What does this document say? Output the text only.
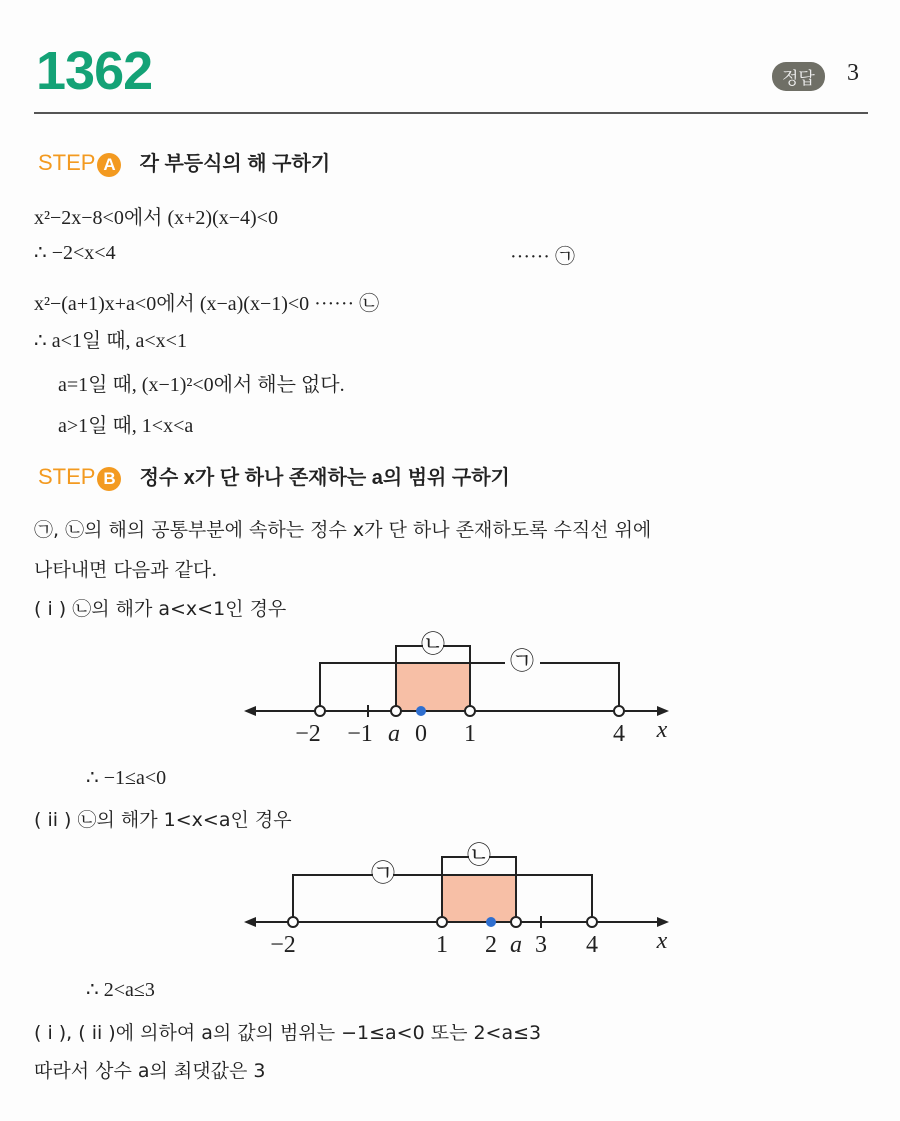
1362	정답	3
STEP A 각 부등식의 해 구하기
x²−2x−8<0에서 (x+2)(x−4)<0
∴ −2<x<4	······ ㉠
x²−(a+1)x+a<0에서 (x−a)(x−1)<0 ······ ㉡
∴ a<1일 때, a<x<1
a=1일 때, (x−1)²<0에서 해는 없다.
a>1일 때, 1<x<a
STEP B 정수 x가 단 하나 존재하는 a의 범위 구하기
㉠, ㉡의 해의 공통부분에 속하는 정수 x가 단 하나 존재하도록 수직선 위에
나타내면 다음과 같다.
( i ) ㉡의 해가 a<x<1인 경우
㉠
㉡
−2 −1 a 0 1	4 x
㉠
㉡
−2	1 2 a 3 4 x
∴ −1≤a<0
( ii ) ㉡의 해가 1<x<a인 경우
∴ 2<a≤3
( i ), ( ii )에 의하여 a의 값의 범위는 −1≤a<0 또는 2<a≤3
따라서 상수 a의 최댓값은 3
